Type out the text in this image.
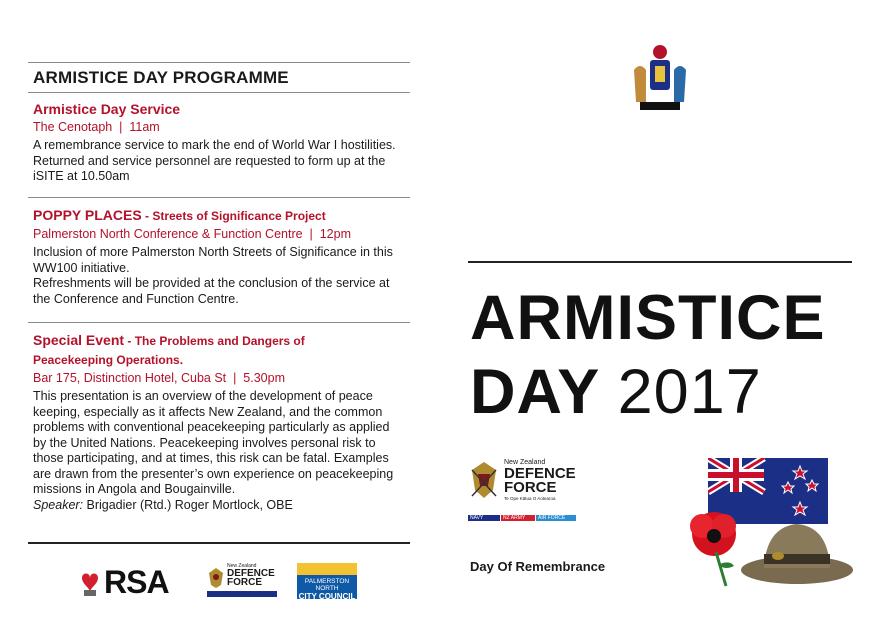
ARMISTICE DAY PROGRAMME
Armistice Day Service
The Cenotaph  |  11am
A remembrance service to mark the end of World War I hostilities.
Returned and service personnel are requested to form up at the
iSITE at 10.50am
POPPY PLACES - Streets of Significance Project
Palmerston North Conference & Function Centre  |  12pm
Inclusion of more Palmerston North Streets of Significance in this
WW100 initiative.
Refreshments will be provided at the conclusion of the service at
the Conference and Function Centre.
Special Event - The Problems and Dangers of
Peacekeeping Operations.
Bar 175, Distinction Hotel, Cuba St  |  5.30pm
This presentation is an overview of the development of peace
keeping, especially as it affects New Zealand, and the common
problems with conventional peacekeeping particularly as applied
by the United Nations. Peacekeeping involves personal risk to
those participating, and at times, this risk can be fatal. Examples
are drawn from the presenter’s own experience on peacekeeping
missions in Angola and Bougainville.
Speaker: Brigadier (Rtd.) Roger Mortlock, OBE
RSA	New Zealand
DEFENCE
FORCE	PALMERSTON NORTH
CITY COUNCIL
ARMISTICE
DAY 2017
New Zealand
DEFENCE
FORCE
Te Ope Kātua O Aotearoa
NAVY	NZ ARMY	AIR FORCE
Day Of Remembrance
